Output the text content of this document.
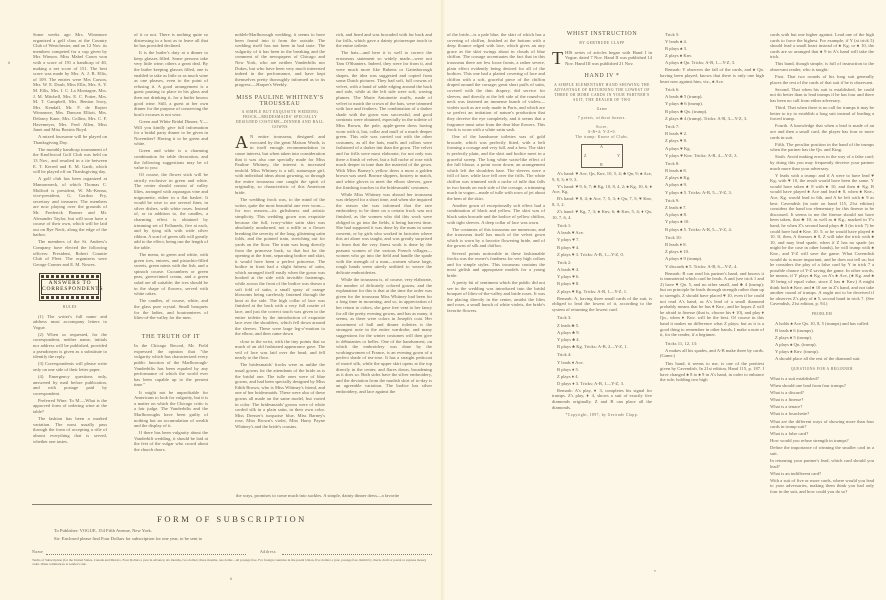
Some weeks ago Mrs. Winsmore organized a golf class at the Country Club of Westchester, and on 12 Nov. its members competed for a cup given by Mrs Winson. Miss Mabel Caron won with a score of 191 a handicap of 40, making a net score of 151. The best score was made by Mrs. A. J. B. Ellis, of 109. The entries were Mrs Carson, Mrs. W. E. Doub, Miss Ellis, Mrs. A. Y. M. Ellis, Mrs. I. C. La Montagne, Mrs. J. M. Mitchell, Mrs. E. C. Potter, Mrs. M. T. Campbell, Mrs. Benton Ivory, Mrs Kendall, Mr. F. de Rayter Winsmore, Mrs. Duncan Elliott, Mrs. Delancy Kane, Mrs. Collins, Mrs. C. F. Havemeyer, Mrs. Fred Allen, Miss Janet and Miss Beatrix Boyd.

A mixed foursome will be played on Thanksgiving Day.

The monthly handicap tournament of the Knollwood Golf Club was held on 13 Nov., and resulted in a tie between E. T. Kerred and E. M. Garth, which will be played off on Thanksgiving day.

A golf club has been organized at Mamaroneck, of which Thomas C. Mulford is president, W. Mc-Kenna, vice-president, G. Gordon Fry, secretary and treasurer. The members are now playing over the grounds of Mr. Frederick Bonner and Mr. Alexander Taylor, but will soon have a course of their own, which will be laid out on Rye Neck, along the edge of the harbor.

The members of the St. Andrew's Company have elected the following officers: President, Robert Countie Club of Fleet. The organizers were George Cramer and E. M. Nowes.

ANSWERS TO CORRESPONDENTS
RULES

(1) The writer's full name and address must accompany letters to Vogue.

(2) When so requested, for the correspondent, neither name, initials nor address will be published, provided a pseudonym is given as a substitute to identify the reply.

(3) Correspondents will please write only on one side of their letter paper.

(4) Emergency questions only, answered by mail before publication, and with postage paid by correspondent.

Preferred Wine. To M.—What is the approved form of ordering wine at the table?

The fashion has been a marked variation. The most usually pass through the form of accepting a rôle of almost everything that is served, whether one tastes.

of it or not. There is nothing quite so distressing to a host as to leave all that he has provided declined.

It is the butler's duty at a dinner to keep glasses filled. Some persons take very little wine; others a great deal. By the butler keeping glasses filled, one is enabled to take as little or as much wine as one pleases, even to the point of refusing it. A good arrangement is a guest pausing to place in his glass and then not drinking it, for a butler knows good wine. Still, a guest at her own dinner for the purpose of conserving the host's excuses is not wise.

Green and White Bridal Dinner, Y.—Will you kindly give full information for a bridal party dinner to be given in November? Having it to be green and white.

Green and white is a charming combination for table decoration, and the following suggestions may be of value to you:

Of course, the flower stick will be strictly exclusive in green and white. The center should consist of valley lilies, arranged with asparagus vine and mignonette, either in a flat basket. It would be wise to use several finer, in silver dishes, with white roses. Instead of, or in addition to, the candles, a charming effect is obtained by trimming set of Follaneds, five at each, and by tying silk with wide silver ribbon. A scarf of green silk will greatly add to the effect, being run the length of the table.

The menu, in green and white, with green ices, entrees, and pistachio-filled sweets, green mints with the fish, and a spinach course. Cucumbers or green peas, green-tinted cream, and a green salad are all suitable; the ices should be in the shape of flowers, served with white cakes.

The candles, of course, white, and the glass pure crystal. Small bouquets for the ladies, and boutonnieres of lilies-of-the-valley for the men.

THE TRUTH OF IT

In the Chicago Record, Mr. Field expressed the opinion that "the vulgarity which has characterized every public function of the Marlborough-Vanderbilts has been equaled by any performance of which the world ever has been capable up to the present time."

It might not be unprofitable for Americans to look for vulgarity, but it is a matter on which the Chicago critic is a fair judge. The Vanderbilts and the Marlboroughs have been guilty of nothing but an accumulation of wealth and the display of it.

If there has been vulgarity about the Vanderbilt wedding, it should be laid at the feet of the vulgar who crowd about the church doors.

nobleb-Marlborough wedding, it seems to have been found into it from the outside. The wedding itself has not been in bad taste. The vulgarity of it has been in the breaking and the comment of the newspapers of Chicago and New York, who are neither Vanderbilts nor Dukes, but who have been very much interested indeed in the performance, and have kept themselves pretty thoroughly informed as to its progress.—Harper's Weekly.

MISS PAULINE WHITNEY'S TROUSSEAU
A SIMPLE BUT EXQUISITE WEDDING FROCK—BRIDESMAIDS' SPECIALLY DESIGNED COSTUME—DINNER AND BALL GOWNS

A N entire trousseau, designed and executed by the great Maison Worth, is in itself enough recommendation to cause interest, but when taken into consideration that it was also one specially made for Miss Pauline Whitney, the interest is increased tenfold. Miss Whitney is a tall, statuesque girl, with individual ideas about gowning, so through the entire trousseau one caught the spirit of originality, so characteristic of this American bride.

The wedding frock was, to the mind of the writer, quite the most beautiful one ever worn—for two reasons—its girlishness and artistic simplicity. This wedding gown was exquisite because the full, ivory-white satin skirt was absolutely unadorned, not a ruffle or a flower breaking the severity of the long, glistening satin folds, and the pointed train, stretching out for yards on the floor. The train was hung directly from the princesse back, so that but for the opening at the front, separating bodice and skirt, it would have been a perfect princesse. The bodice in front had a slight fulness of satin, which arranged itself easily when the gown was hooked at the side with invisible fastenings, while across the front of the bodice was drawn a soft fold of satin, a small spray of orange blossoms being carelessly fastened through the knot at the side. The high collar of lace was finished at the back with a very full rosette of lace, and just the correct touch was given to the entire toilette by the introduction of exquisite lace over the shoulders, which fell down around the sleeves. These were large leg-o'-mutton to the elbow, and then came down

close to the wrist, with the tiny points that so much of an old fashioned appearance gave. The veil of lace was laid over the head, and fell nearly to the floor.

The bridesmaids' frocks were as unlike the usual gowns for the attendants of the bride as is the bridal one. The tulle ones were of blue gowns, and had been specially designed by Miss Edith Brown, who is Miss Whitney's friend, and one of her bridesmaids. These were also of these gowns all made on the same model, but varied in color. The bridesmaids' gowns were of white corded silk in a plain satin, in their own color. Miss Dresser's turquoise blue, Miss Barney's rose, Miss Brown's violet, Miss Harry Payne Whitney's and the bride's cousins.

rich, and lined and was brocaded with fur back and fur frills, which gave a dainty picturesque touch to the entire toilette.

The hats—and here it is well to correct the erroneous statement so widely made—were not Tam O'Shanters. Indeed, they were far from it, and were much more like Rubens or Gainsborough shapes, the idea was suggested and copied from some Dutch pictures. They had soft, full crowns of velvet, with a band of sable edging around the back and side, while at the left side were soft, waving plumes. The Marie Antoinette muffs, made of velvet to match the crown of the hats, were trimmed with lace and feathers. The combination of a darker shade with the gown was successful, and good contrasts were obtained, especially in the toilette of Miss Brown, the pale, apple-green dress having worn with it, hat, collar and muff of a much deeper green. This rule was carried out with the other costumes, as all the hats, muffs and collars were fashioned of a darker tint than the gown. The velvet and fur frills were most elaborate, for not only was there a finish of velvet, but a full ruche of rose with much deeper in tone than the material of the gown. With Miss Barney's yellow dress a most a golden brown was used. Bronze slippers, hosiery to match, and white gloves to meet the elbow sleeves, gave the finishing touches to the bridesmaids' costumes.

While Miss Whitney was abroad her trousseau was delayed for a short time, and when she inquired the reason she was informed that the rare embroidery to be done on a certain frock was not finished, as the women who did this work were obliged to go into the fields, it being harvest time. She had supposed it was done by the nuns in some convent, or by girls who worked in factories where this art alone was taught, and was greatly surprised to learn that the very finest work is done by the peasant women of the various French villages—women who go into the field and handle the spade with the strength of a man—women whose large, rough hands seem utterly unfitted to weave the delicate embroideries.

While the trousseau is, of course, very elaborate, the number of delicately colored gowns, and the explanation for this is that at the time the order was given for the trousseau Miss Whitney had been for a long time in mourning, and so, in appreciation of her return to colors, she gave free vent to her fancy for all the pretty evening gowns, and has as many, it seems, as there were colors in Joseph's coat. Her assortment of ball and dinner toilettes is the strongest note in the entire wardrobe, and many suggestions for the winter costumes will then give to débutantes or belles. One of the handsomest, on which the embroidery was done by the workingwomen of France, is an evening gown of a perfect shade of tea-rose. It has a straight petticoat of moiré silk, while the upper skirt opens at the top directly in the center, and flares down, broadening as it does so. Both sides have the silver embroidery, and the deviation from the mudish skirt of to-day is an agreeable variation. The bodice has silver embroidery, and lace against the

the ways, promises to come much into suckles. A simple, dainty dinner dress—a favorite

of the bride—is a pale blue, the skirt of which has a covering of chiffon, finished at the bottom with a deep flounce edged with lace, which gives an airy grace as the skirt swings about in clouds of blue chiffon. The corsage accentuates the fact that in this trousseau there are few loose fronts, a rather severe, plain effect evidently being desired for all of the bodices. This one had a plaited covering of lace and chiffon with a soft, graceful piece of the chiffon draped around the corsage; great short puffs of satin, covered with the thin drapery, did service for sleeves, and directly at the left side of the round-cut neck was fastened an immense bunch of violets—violets such as are only made in Paris, and which are so perfect an imitation of nature's production that they deceive the eye completely, and it seems that a fragrance must arise from the dear blue flowers. This frock is worn with a white satin sash.

One of the handsome toilettes was of gold brocade, which was perfectly fitted, with a belt forming a corsage and very full, and a bow. The skirt is perfectly plain, and the skirt and bodice meet in a graceful sweep. The long white waist-like effect of the full blouse, a point worn down; an arrangement which left the shoulders bare. The sleeves were a frill of lace, while lace fell over the frills. The white chiffon was trimmed with a ruche of tulle that falls in two bands on each side of the corsage, a trimming much in vogue—made of tulle with rows of jet about the hem of the skirt.

Another gown of exceptionally soft effect had a combination of black and yellow. The skirt was of black satin brocade and the bodice of yellow chiffon, with tight sleeves. A deep collar of lace was worn.

The costumes of this trousseau are numerous, and the trousseau itself has much of the velvet gown which is worn by a favorite flowering bride, and of the gowns of silk and chiffon.

Several points noticeable in these fashionable frocks was the owner's fondness for very high collars and for simple styles. This trousseau contains the most girlish and appropriate models for a young bride.

A pretty bit of sentiment which the public did not see in the wedding was introduced into the bridal bouquet of lilies-of-the-valley and bride roses. It was the placing directly in the center, amidst the lilies and roses, a small bunch of white violets, the bride's favorite flowers.

WHIST INSTRUCTION
BY GERTRUDE CLAPP

THIS series of articles began with Hand I in Vogue, dated 7 Nov. Hand II was published 14 Nov. Hand III was published 21 Nov.

HAND IV *
A SIMPLE ELEMENTARY HAND SHOWING THE ADVANTAGE OF RETURNING THE LOWEST OF THREE OR MORE CARDS IN YOUR PARTNER'S SUIT, THE DEALER OF TWO
Game
7 points, without honors.
Score,
A-B=4; Y-Z=0.
The trump: Knave of Clubs.
A
Z	Y
B

A's hand: ♥ Ace, Qn, Knv, 10, 5, 4; ♣ Qn, 9; ♠ Ace, 9, 8, 3; ♦ 9, 3.

Y's hand: ♥ 9, 6, 7; ♣ Kg, 10, 8, 4, 2; ♠ Kg, 10, 6; ♦ Ace, Kg.

B's hand: ♥ 8, 4; ♠ Ace, 7, 5, 3; ♦ Qn, 7, 5; ♥ Knv, 8, 3, 2.

Z's hand: ♥ Kg, 7, 3; ♠ Knv, 6; ♣ Knv, 5, 4; ♦ Qn, 10, 7, 6, 4.

Trick 1:

A leads ♥ Ace.

Y plays ♥ 7.

B plays ♥ 4.

Z plays ♥ 3. Tricks: A-B, 1—Y-Z, 0.

Trick 2:

A leads ♥ 4.

Y plays ♥ 6.

B plays ♥ 8.

Z plays ♥ Kg. Tricks: A-B, 1—Y-Z, 1.

Remark: A, having three small cards of the suit, is obliged to lead the lowest of it, according to the system of returning the lowest card.

Trick 3:

Z leads ♣ 5.

A plays ♣ 9.

Y plays ♣ 4.

B plays ♣ Kg. Tricks: A-B, 2—Y-Z, 1.

Trick 4:

Y leads ♦ Ace.

B plays ♦ 5.

Z plays ♦ 4.

D plays ♦ 3. Tricks: A-B, 1—Y-Z, 3.

Remark: A's play, ♦ 3, completes his signal for trumps. Z's play, ♦ 4, shows a suit of exactly five diamonds originally. Z and B can place all the diamonds.

*Copyright, 1897, by Gertrude Clapp.

Trick 5:

Y leads ♠ 4.

B plays ♠ 3.

Z plays ♠ Knv.

A plays ♠ Qn. Tricks: A-B, 1—Y-Z, 3.

Remark: Y observes the fall of the cards, and ♠ Qn. having been played, knows that there is only one high heart now against him, viz., ♠ Ace.

Trick 6:

A leads ♣ 5 (trump).

Y plays ♣ 6 (trump).

B plays ♣ Qn. (trump).

Z plays ♣ 4 (trump). Tricks: A-B, 3—Y-Z, 3.

Trick 7:

B leads ♥ 2.

Z plays ♥ 8.

A plays ♥ Kg.

Y plays ♥ Knv. Tricks: A-B, 4—Y-Z, 3.

Trick 8:

B leads ♠ 8.

Z plays ♠ Kg.

A plays ♠ 9.

Y plays ♠ 5. Tricks: A-B, 5—Y-Z, 3.

Trick 9:

Z leads ♠ 7.

A plays ♠ 8.

Y plays ♠ 10.

B plays ♠ 5. Tricks: A-B, 5—Y-Z, 4.

Trick 10:

B leads ♦ 8.

Z plays ♦ 10.

A plays ♦ 9 (trump).

Y discards ♠ 5. Tricks: A-B, 6—Y-Z, 4.

Remark: B can read his partner's hand, and knows it is immaterial which card he leads. A and (see trick 1 and 2) have ♥ Qn. 5, and no other small, and ♣ 4 (trump); but on principle he leads through strength rather than up to strength. Z should have placed ♥ 10, even if he could not read A's hand, as A's lead of a small diamond probably means that he has ♦ Knv., and he hopes Z will be afraid to finesse (that is, choose his ♦ 10), and play ♦ Qn., when ♦ Knv. will be the best. Of course in this hand it makes no difference what Z plays; but as it is a good thing to remember in other hands, I make a note of it, for the reader, if a beginner.

Tricks 11, 12, 13:

A makes all his spades, and A-B make three by cards. (Game.)

This hand, it seems to me, is one of the prettiest given by Cavendish. In 21st edition, Hand 115, p. 187. I have changed ♠ 8 to ♠ 9 in A's hand, in order to enhance the rule, holding two high

cards with but one higher against. Lead one of the high cards to force the highest. For example, if Y (at trick 5) should lead a small heart instead of ♠ Kg. or ♠ 10, the cards are so arranged that ♠ 9 in A's hand will take the trick.

This hand, though simple, is full of instruction to the observant reader, who is taught:

First. That two rounds of his long suit generally places the rest of the cards of that suit if he is observant.

Second. That when his suit is established, he could not do better than to lead trumps if he has four and there has been no call from either adversary.

Third. That when there is no call for trumps it may be better to try to establish a long suit instead of leading a forced trump.

Fourth. A knowledge that when a lead is made of an ace and then a small card, the player has four or more cards in suit.

Fifth. The peculiar position in the hand of the trumps when the partner has the Qn. and King.

Sixth. Avoid making errors in the way of a false card; by doing this you may frequently deceive your partner much more than your adversary.

Y leads with a trump: and if A were to have lead ♥ Kg, with ♥ 10, the result would have been the same. Y would have taken ♠ 8 with ♠ 10, and then ♠ Kg. B would have played ♠ Ace and lead ♠ 8, when ♠ Knv., Ace, Kg. would lead to 6th, and A be left with ♠ 9 as best. Cavendish (in note on hand 115, 21st edition) considers the hand too elementary for this finesse to be discussed. It seems to me the finesse should not have been taken, that ♣ 10, as well as ♠ Kg., marked in Y's hand, he when Z's second hand plays ♣ 3 (in trick 7) he could have had ♠ Knv. 10. 5; or he would have played ♠ 10. If, then, A finesses ♠ 8, Z will take the trick with ♠ 10, and may lead spade, when if Z has no spade (as might be the case in other hands), he will trump with ♠ Knv., and Y-Z will save the game. What Cavendish would do is more important, and he does not tell us; but he considers the play of a false card by Y in trick 7 a possible chance of Y-Z saving the game. In other words, he means, if Y plays ♠ Kg. on A's ♠ Ace, (♠ Kg. and ♠ 10 being of equal value, since Z has ♠ Knv.) A might think both ♠ Knv. and ♠ 10 are in Z's hand, and not take another round of trumps. A ought not to be deceived if he observes Z's play of ♠ 5, second hand in trick 7. (See Cavendish, 21st edition, p. 94.)

PROBLEM

A holds ♠ Ace Qn. 10, 8, 5 (trumps) and has called.

B leads ♠ 6 (trumps).

Z plays ♠ 5 (trump).

A plays ♠ Qn. (trump).

Y plays ♠ Knv. (trump).

A should place all the rest of the diamond suit.

QUESTIONS FOR A BEGINNER

What is a suit established?

When should one lead from four trumps?

What is a discard?

What is a finesse?

What is a tenace?

What is a fourchette?

What are the different ways of showing more than four cards in trump suit?

What is a false card?

How would you refuse strength in trumps?

Define the importance of winning the smaller card in a suit.

In returning your partner's lead, which card should you lead?

What is an indifferent card?

With a suit of five or more cards, where would you lead to your adversaries, making them think you had only four in the suit, and how could you do so?

FORM OF SUBSCRIPTION
To Publisher: VOGUE, 154 Fifth Avenue, New York.
Sir: Enclosed please find Four Dollars for subscription for one year, to be sent to
Name	Address
Terms of Subscription (for the United States, Canada and Mexico, Four Dollars a year in advance; six months, two dollars; three months, one dollar—all postage free. For foreign countries in the postal Union, five dollars a year, postage free. Remit by check, draft or postal or express money order. Other remittances at sender's risk.
ii
v
ii
